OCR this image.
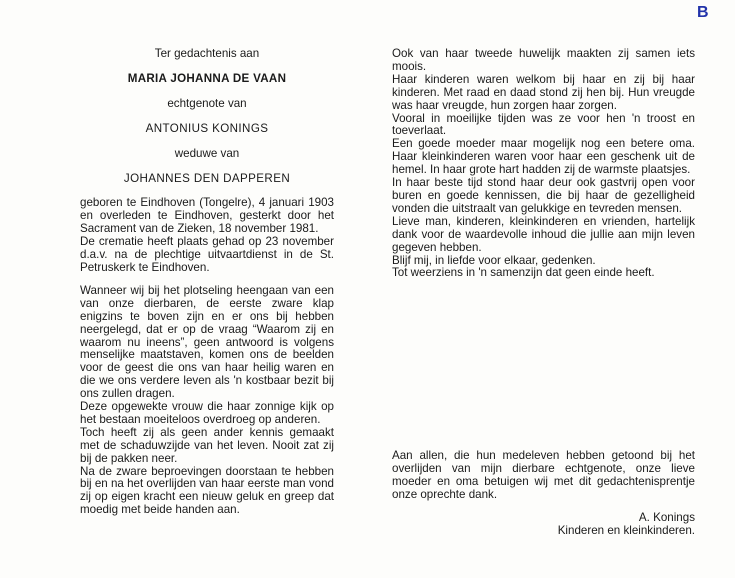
B

Ter gedachtenis aan

MARIA JOHANNA DE VAAN

echtgenote van

ANTONIUS KONINGS

weduwe van

JOHANNES DEN DAPPEREN

geboren te Eindhoven (Tongelre), 4 januari 1903 en overleden te Eindhoven, gesterkt door het Sacrament van de Zieken, 18 november 1981.

De crematie heeft plaats gehad op 23 november d.a.v. na de plechtige uitvaartdienst in de St. Petruskerk te Eindhoven.

Wanneer wij bij het plotseling heengaan van een van onze dierbaren, de eerste zware klap enigzins te boven zijn en er ons bij hebben neergelegd, dat er op de vraag “Waarom zij en waarom nu ineens”, geen antwoord is volgens menselijke maatstaven, komen ons de beelden voor de geest die ons van haar heilig waren en die we ons verdere leven als 'n kostbaar bezit bij ons zullen dragen.

Deze opgewekte vrouw die haar zonnige kijk op het bestaan moeiteloos overdroeg op anderen.

Toch heeft zij als geen ander kennis gemaakt met de schaduwzijde van het leven. Nooit zat zij bij de pakken neer.

Na de zware beproevingen doorstaan te hebben bij en na het overlijden van haar eerste man vond zij op eigen kracht een nieuw geluk en greep dat moedig met beide handen aan.

Ook van haar tweede huwelijk maakten zij samen iets moois.

Haar kinderen waren welkom bij haar en zij bij haar kinderen. Met raad en daad stond zij hen bij. Hun vreugde was haar vreugde, hun zorgen haar zorgen.

Vooral in moeilijke tijden was ze voor hen 'n troost en toeverlaat.

Een goede moeder maar mogelijk nog een betere oma. Haar kleinkinderen waren voor haar een geschenk uit de hemel. In haar grote hart hadden zij de warmste plaatsjes.

In haar beste tijd stond haar deur ook gastvrij open voor buren en goede kennissen, die bij haar de gezelligheid vonden die uitstraalt van gelukkige en tevreden mensen.

Lieve man, kinderen, kleinkinderen en vrienden, hartelijk dank voor de waardevolle inhoud die jullie aan mijn leven gegeven hebben.

Blijf mij, in liefde voor elkaar, gedenken.

Tot weerziens in 'n samenzijn dat geen einde heeft.

Aan allen, die hun medeleven hebben getoond bij het overlijden van mijn dierbare echtgenote, onze lieve moeder en oma betuigen wij met dit gedachtenisprentje onze oprechte dank.

A. Konings
Kinderen en kleinkinderen.
